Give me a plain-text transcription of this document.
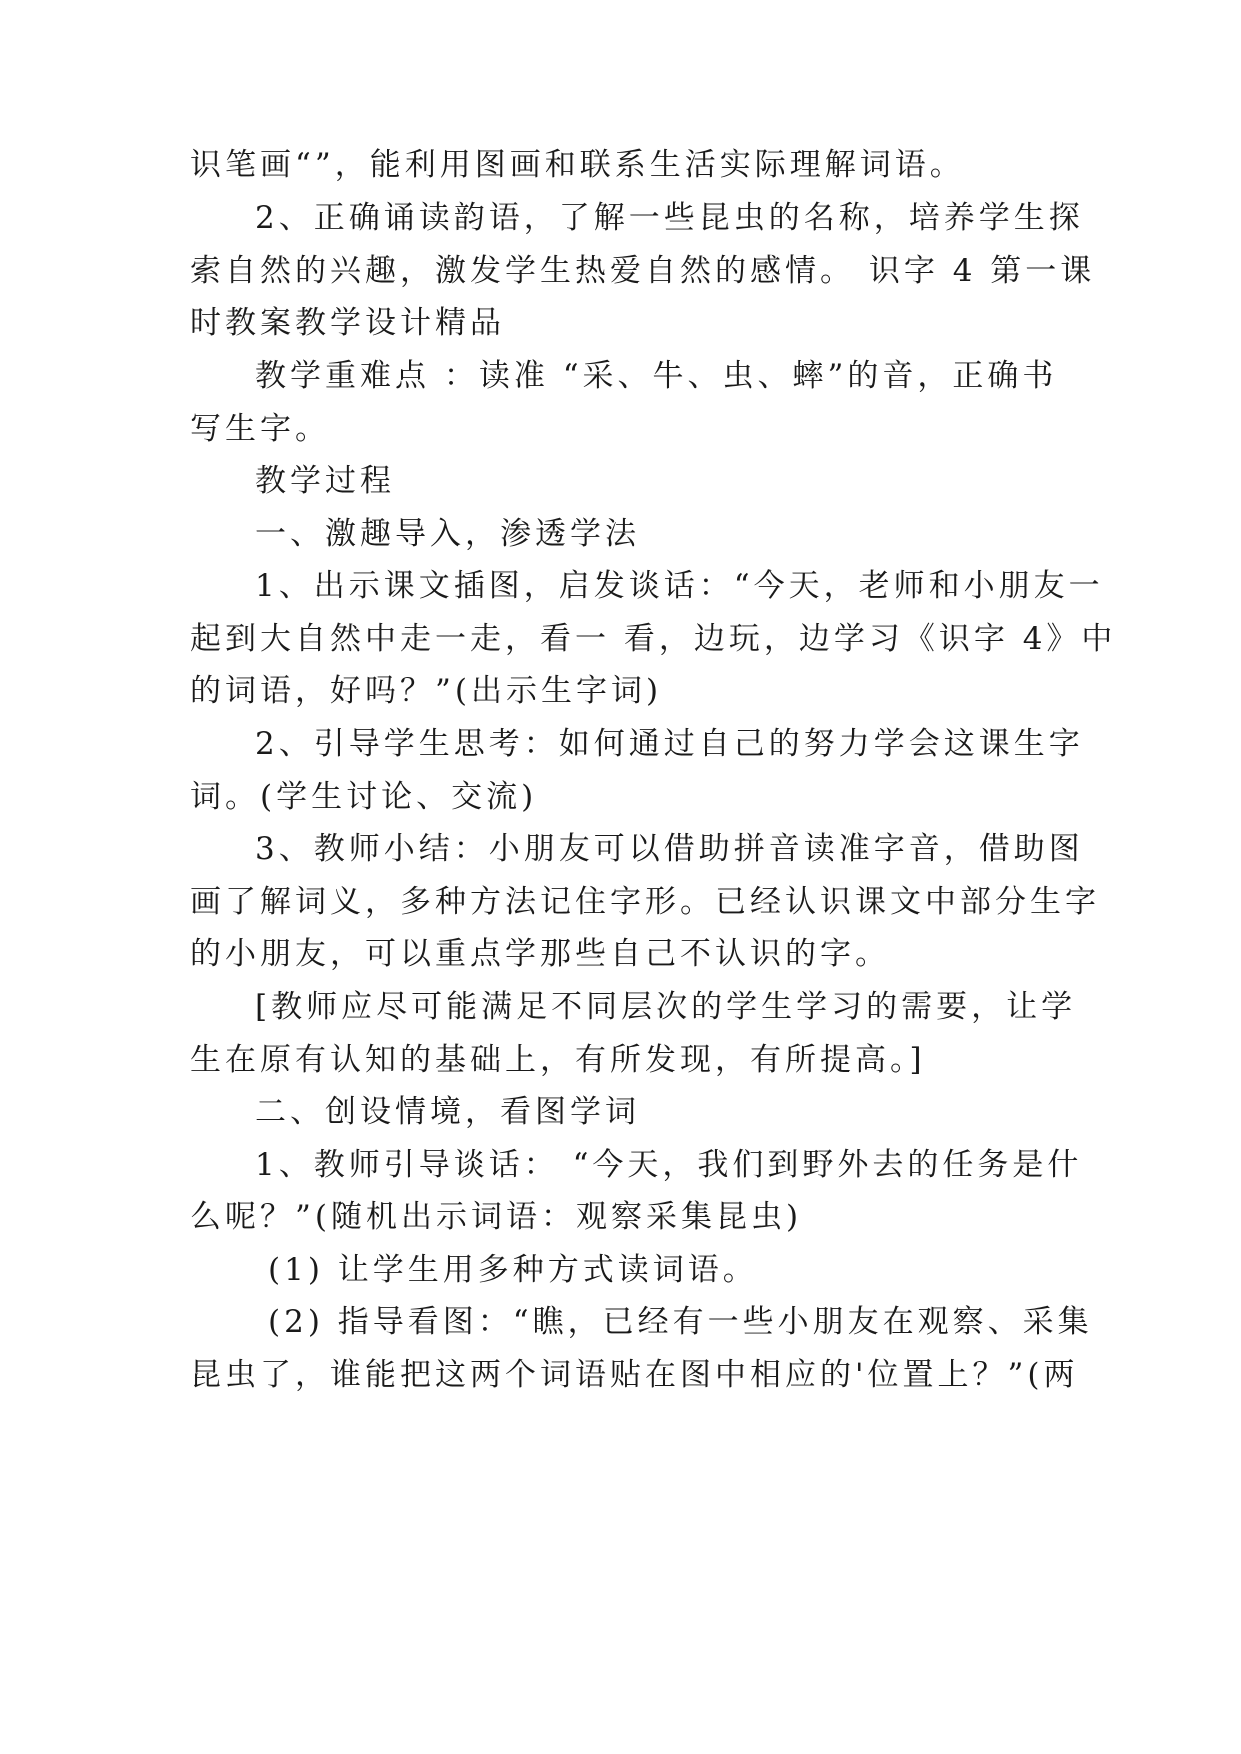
识笔画“”，能利用图画和联系生活实际理解词语。
2、正确诵读韵语，了解一些昆虫的名称，培养学生探
索自然的兴趣，激发学生热爱自然的感情。 识字 4 第一课
时教案教学设计精品
教学重难点 ：读准 “采、牛、虫、蟀”的音，正确书
写生字。
教学过程
一、激趣导入，渗透学法
1、出示课文插图，启发谈话：“今天，老师和小朋友一
起到大自然中走一走，看一 看，边玩，边学习《识字 4》中
的词语，好吗？”(出示生字词)
2、引导学生思考：如何通过自己的努力学会这课生字
词。(学生讨论、交流)
3、教师小结：小朋友可以借助拼音读准字音，借助图
画了解词义，多种方法记住字形。已经认识课文中部分生字
的小朋友，可以重点学那些自己不认识的字。
[教师应尽可能满足不同层次的学生学习的需要，让学
生在原有认知的基础上，有所发现，有所提高。]
二、创设情境，看图学词
1、教师引导谈话： “今天，我们到野外去的任务是什
么呢？”(随机出示词语：观察采集昆虫)
(1) 让学生用多种方式读词语。
(2) 指导看图：“瞧，已经有一些小朋友在观察、采集
昆虫了，谁能把这两个词语贴在图中相应的'位置上？”(两
